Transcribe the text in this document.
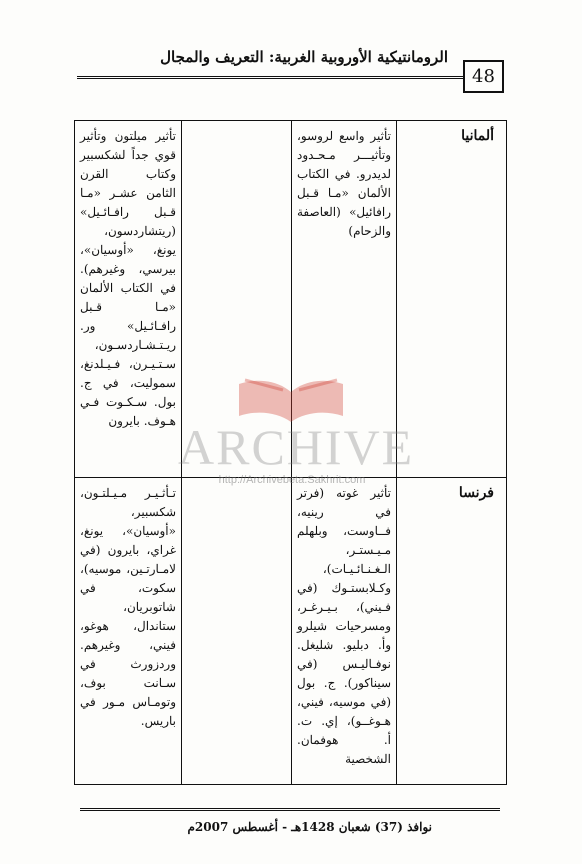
الرومانتيكية الأوروبية الغربية: التعريف والمجال
48
ألمانيا	تأثير واسع لروسو، وتأثيـــر مـحـدود لديدرو. في الكتاب الألمان «مـا قـبل رافائيل» (العاصفة والزحام)		تأثير ميلتون وتأثير قوي جداً لشكسبير وكتاب القرن الثامن عشـر «مـا قـبل رافـائـيل» (ريتشاردسون، يونغ، «أوسيان»، بيرسي، وغيرهم). في الكتاب الألمان «مـا قـبل رافـائـيل» ور. ريـتـشـاردسـون، سـتـيـرن، فـيـلدنغ، سموليت، في ج. بول. سـكـوت فـي هـوف. بايرون
فرنسا	تأثير غوته (فرتر في رينيه، فــاوست، وبلهلم مـيـستـر، الـغـنـائـيـات)، وكـلابستـوك (في فـيني)، بـيـرغـر، ومسرحيات شيلرو وأ. دبليو. شليغل. نوفـاليـس (في سيناكور). ج. بول (في موسيه، فيني، هـوغــو)، إي. ت. أ. هوفمان. الشخصية		تـأثـيـر مـيـلتـون، شكسبير، «أوسيان»، يونغ، غراي، بايرون (في لامـارتـين، موسيه)، سكوت، في شاتوبريان، ستاندال، هوغو، فيني، وغيرهم. وردزورث في سـانت بوف، وتومـاس مـور في باريس.
ARCHIVE
http://Archivebeta.Sakhrit.com
نوافذ (37) شعبان 1428هـ - أغسطس 2007م
